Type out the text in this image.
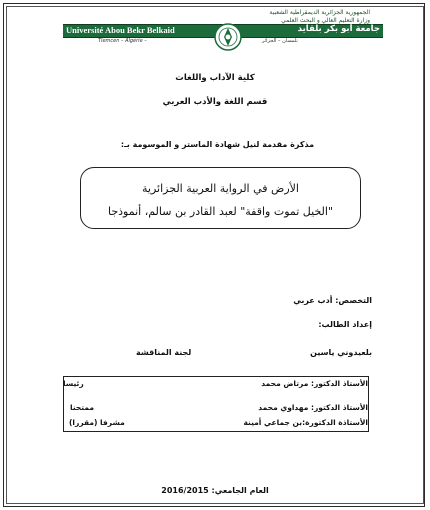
الجمهورية الجزائرية الديمقراطية الشعبية
وزارة التعليم العالي و البحث العلمي
Université Abou Bekr Belkaid	جامعة أبو بكر بلقايد
Tlemcen – Algérie –	تلمسان – الجزائر
كلية الآداب واللغات
قسم اللغة والأدب العربي
مذكرة مقدمة لنيل شهادة الماستر و الموسومة بـ:
الأرض في الرواية العربية الجزائرية
"الخيل تموت واقفة" لعبد القادر بن سالم، أنموذجا
التخصص: أدب عربي
إعداد الطالب:
بلعيدوني ياسين
لجنة المناقشة
الأستاذ الدكتور: مرتاض محمد
رئيسا
الأستاذ الدكتور: مهداوي محمد
ممتحنا
الأستاذة الدكتورة:بن جماعي أمينة
مشرفا (مقررا)
العام الجامعي: 2016/2015
